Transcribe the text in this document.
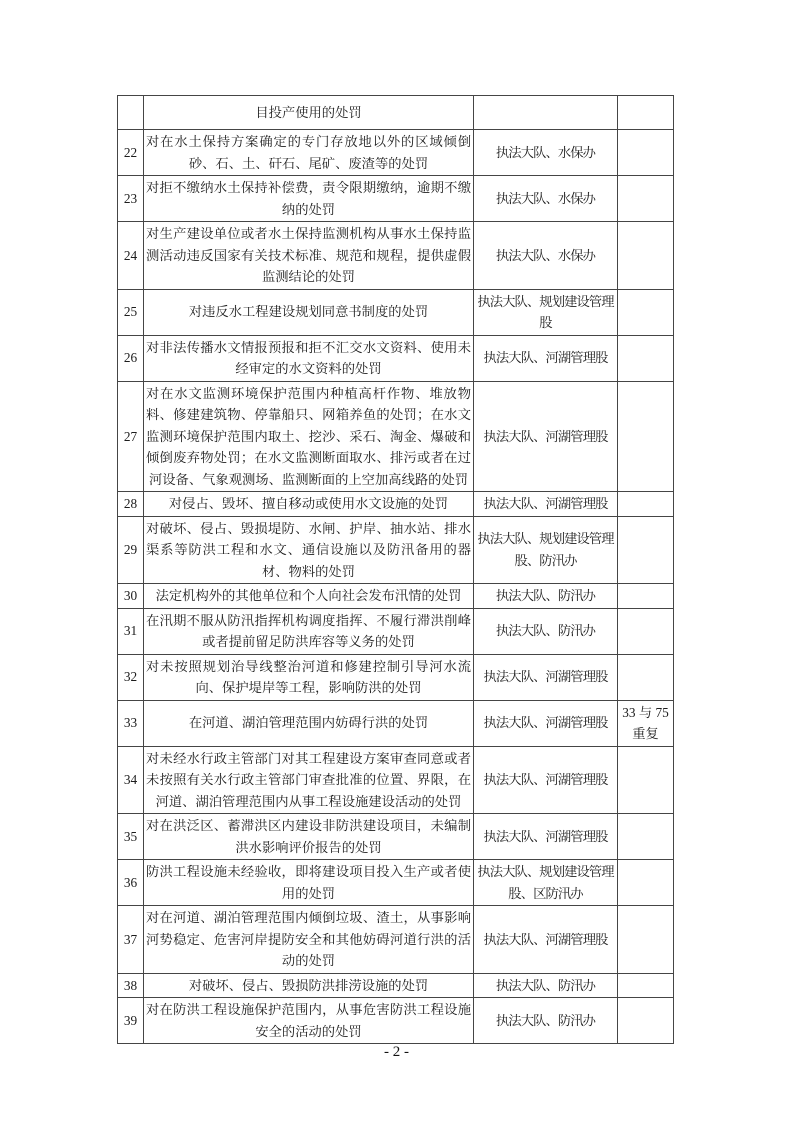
	目投产使用的处罚		
22	对在水土保持方案确定的专门存放地以外的区域倾倒砂、石、土、矸石、尾矿、废渣等的处罚	执法大队、水保办	
23	对拒不缴纳水土保持补偿费，责令限期缴纳，逾期不缴纳的处罚	执法大队、水保办	
24	对生产建设单位或者水土保持监测机构从事水土保持监测活动违反国家有关技术标准、规范和规程，提供虚假监测结论的处罚	执法大队、水保办	
25	对违反水工程建设规划同意书制度的处罚	执法大队、规划建设管理股	
26	对非法传播水文情报预报和拒不汇交水文资料、使用未经审定的水文资料的处罚	执法大队、河湖管理股	
27	对在水文监测环境保护范围内种植高杆作物、堆放物料、修建建筑物、停靠船只、网箱养鱼的处罚；在水文监测环境保护范围内取土、挖沙、采石、淘金、爆破和倾倒废弃物处罚；在水文监测断面取水、排污或者在过河设备、气象观测场、监测断面的上空加高线路的处罚	执法大队、河湖管理股	
28	对侵占、毁坏、擅自移动或使用水文设施的处罚	执法大队、河湖管理股	
29	对破坏、侵占、毁损堤防、水闸、护岸、抽水站、排水渠系等防洪工程和水文、通信设施以及防汛备用的器材、物料的处罚	执法大队、规划建设管理股、防汛办	
30	法定机构外的其他单位和个人向社会发布汛情的处罚	执法大队、防汛办	
31	在汛期不服从防汛指挥机构调度指挥、不履行滞洪削峰或者提前留足防洪库容等义务的处罚	执法大队、防汛办	
32	对未按照规划治导线整治河道和修建控制引导河水流向、保护堤岸等工程，影响防洪的处罚	执法大队、河湖管理股	
33	在河道、湖泊管理范围内妨碍行洪的处罚	执法大队、河湖管理股	33 与 75 重复
34	对未经水行政主管部门对其工程建设方案审查同意或者未按照有关水行政主管部门审查批准的位置、界限，在河道、湖泊管理范围内从事工程设施建设活动的处罚	执法大队、河湖管理股	
35	对在洪泛区、蓄滞洪区内建设非防洪建设项目，未编制洪水影响评价报告的处罚	执法大队、河湖管理股	
36	防洪工程设施未经验收，即将建设项目投入生产或者使用的处罚	执法大队、规划建设管理股、区防汛办	
37	对在河道、湖泊管理范围内倾倒垃圾、渣土，从事影响河势稳定、危害河岸提防安全和其他妨碍河道行洪的活动的处罚	执法大队、河湖管理股	
38	对破坏、侵占、毁损防洪排涝设施的处罚	执法大队、防汛办	
39	对在防洪工程设施保护范围内，从事危害防洪工程设施安全的活动的处罚	执法大队、防汛办	
- 2 -
